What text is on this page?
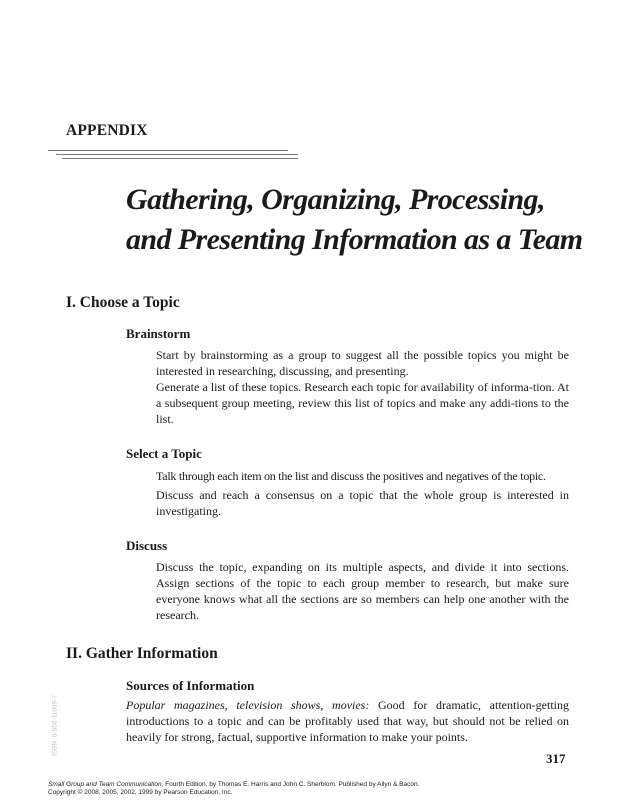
APPENDIX
Gathering, Organizing, Processing,
and Presenting Information as a Team
I. Choose a Topic
Brainstorm

Start by brainstorming as a group to suggest all the possible topics you might be interested in researching, discussing, and presenting.

Generate a list of these topics. Research each topic for availability of informa-tion. At a subsequent group meeting, review this list of topics and make any addi-tions to the list.

Select a Topic

Talk through each item on the list and discuss the positives and negatives of the topic.

Discuss and reach a consensus on a topic that the whole group is interested in investigating.

Discuss

Discuss the topic, expanding on its multiple aspects, and divide it into sections. Assign sections of the topic to each group member to research, but make sure everyone knows what all the sections are so members can help one another with the research.

II. Gather Information
Sources of Information

Popular magazines, television shows, movies: Good for dramatic, attention-getting introductions to a topic and can be profitably used that way, but should not be relied on heavily for strong, factual, supportive information to make your points.

317
ISBN: 0-558-11099-7
Small Group and Team Communication, Fourth Edition, by Thomas E. Harris and John C. Sherblom. Published by Allyn & Bacon.
Copyright © 2008, 2005, 2002, 1999 by Pearson Education, Inc.
